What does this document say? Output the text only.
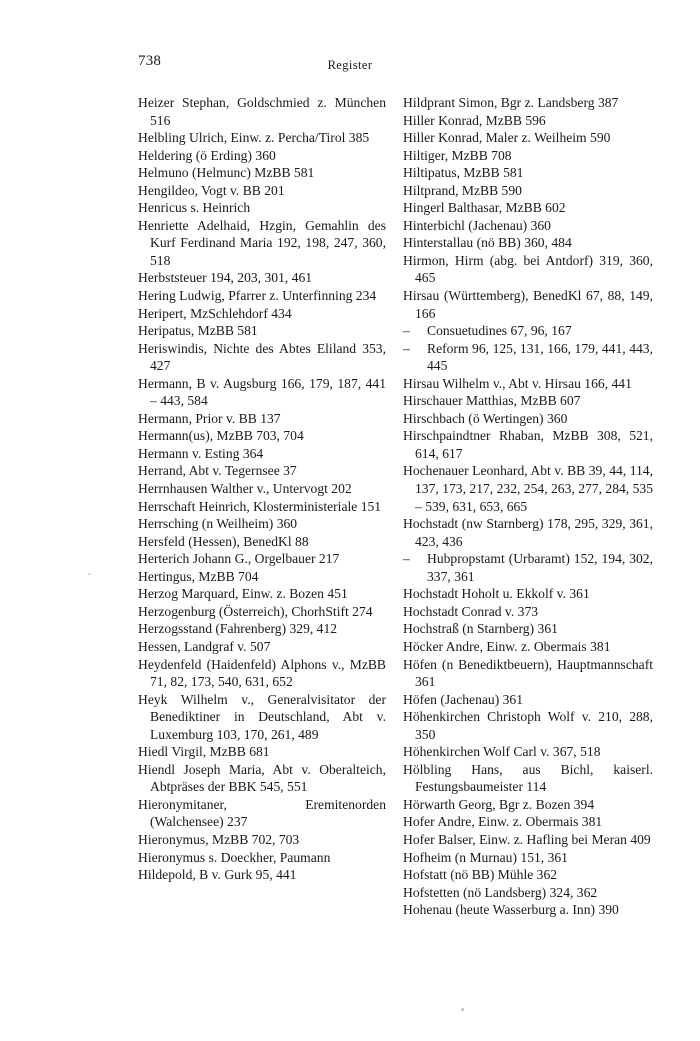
738	Register

Heizer Stephan, Goldschmied z. München 516

Helbling Ulrich, Einw. z. Percha/Tirol 385

Heldering (ö Erding) 360

Helmuno (Helmunc) MzBB 581

Hengildeo, Vogt v. BB 201

Henricus s. Heinrich

Henriette Adelhaid, Hzgin, Gemahlin des Kurf Ferdinand Maria 192, 198, 247, 360, 518

Herbststeuer 194, 203, 301, 461

Hering Ludwig, Pfarrer z. Unterfinning 234

Heripert, MzSchlehdorf 434

Heripatus, MzBB 581

Heriswindis, Nichte des Abtes Eliland 353, 427

Hermann, B v. Augsburg 166, 179, 187, 441 – 443, 584

Hermann, Prior v. BB 137

Hermann(us), MzBB 703, 704

Hermann v. Esting 364

Herrand, Abt v. Tegernsee 37

Herrnhausen Walther v., Untervogt 202

Herrschaft Heinrich, Klosterministeriale 151

Herrsching (n Weilheim) 360

Hersfeld (Hessen), BenedKl 88

Herterich Johann G., Orgelbauer 217

Hertingus, MzBB 704

Herzog Marquard, Einw. z. Bozen 451

Herzogenburg (Österreich), ChorhStift 274

Herzogsstand (Fahrenberg) 329, 412

Hessen, Landgraf v. 507

Heydenfeld (Haidenfeld) Alphons v., MzBB 71, 82, 173, 540, 631, 652

Heyk Wilhelm v., Generalvisitator der Benediktiner in Deutschland, Abt v. Luxemburg 103, 170, 261, 489

Hiedl Virgil, MzBB 681

Hiendl Joseph Maria, Abt v. Oberalteich, Abtpräses der BBK 545, 551

Hieronymitaner, Eremitenorden (Walchensee) 237

Hieronymus, MzBB 702, 703

Hieronymus s. Doeckher, Paumann

Hildepold, B v. Gurk 95, 441

Hildprant Simon, Bgr z. Landsberg 387

Hiller Konrad, MzBB 596

Hiller Konrad, Maler z. Weilheim 590

Hiltiger, MzBB 708

Hiltipatus, MzBB 581

Hiltprand, MzBB 590

Hingerl Balthasar, MzBB 602

Hinterbichl (Jachenau) 360

Hinterstallau (nö BB) 360, 484

Hirmon, Hirm (abg. bei Antdorf) 319, 360, 465

Hirsau (Württemberg), BenedKl 67, 88, 149, 166

– Consuetudines 67, 96, 167

– Reform 96, 125, 131, 166, 179, 441, 443, 445

Hirsau Wilhelm v., Abt v. Hirsau 166, 441

Hirschauer Matthias, MzBB 607

Hirschbach (ö Wertingen) 360

Hirschpaindtner Rhaban, MzBB 308, 521, 614, 617

Hochenauer Leonhard, Abt v. BB 39, 44, 114, 137, 173, 217, 232, 254, 263, 277, 284, 535 – 539, 631, 653, 665

Hochstadt (nw Starnberg) 178, 295, 329, 361, 423, 436

– Hubpropstamt (Urbaramt) 152, 194, 302, 337, 361

Hochstadt Hoholt u. Ekkolf v. 361

Hochstadt Conrad v. 373

Hochstraß (n Starnberg) 361

Höcker Andre, Einw. z. Obermais 381

Höfen (n Benediktbeuern), Hauptmannschaft 361

Höfen (Jachenau) 361

Höhenkirchen Christoph Wolf v. 210, 288, 350

Höhenkirchen Wolf Carl v. 367, 518

Hölbling Hans, aus Bichl, kaiserl. Festungsbaumeister 114

Hörwarth Georg, Bgr z. Bozen 394

Hofer Andre, Einw. z. Obermais 381

Hofer Balser, Einw. z. Hafling bei Meran 409

Hofheim (n Murnau) 151, 361

Hofstatt (nö BB) Mühle 362

Hofstetten (nö Landsberg) 324, 362

Hohenau (heute Wasserburg a. Inn) 390
